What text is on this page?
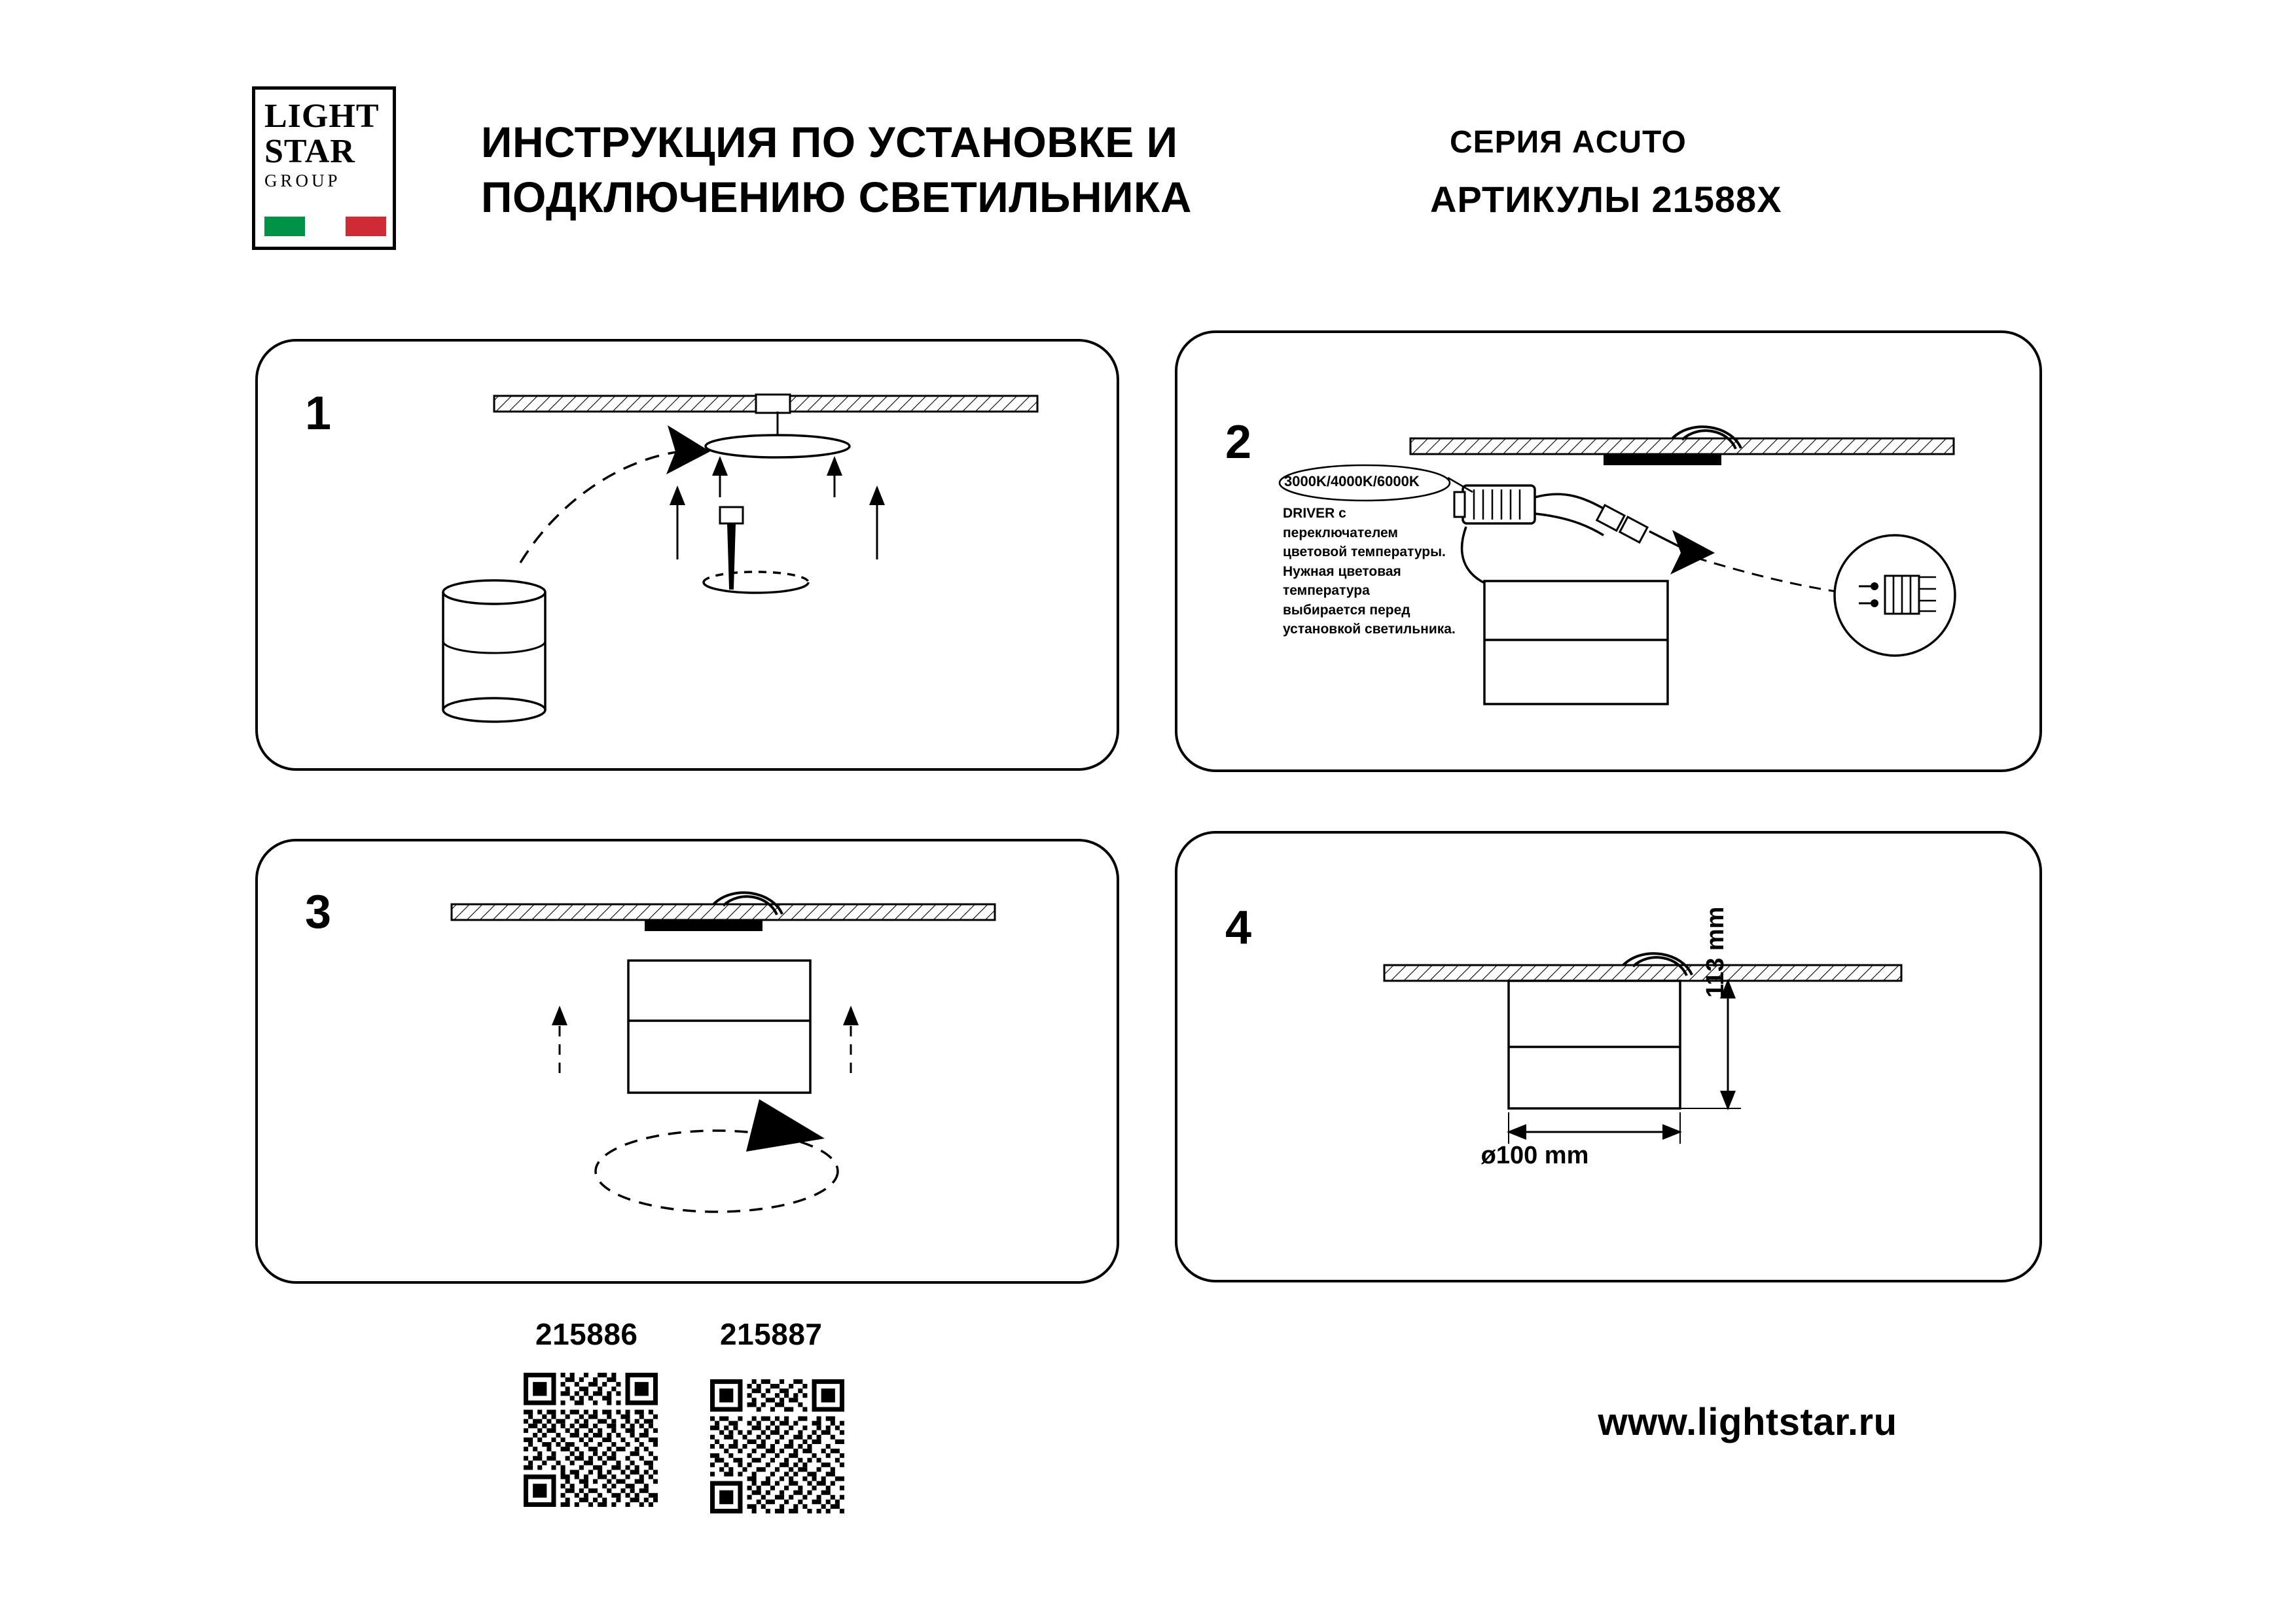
LIGHT
STAR
GROUP
ИНСТРУКЦИЯ ПО УСТАНОВКЕ И ПОДКЛЮЧЕНИЮ СВЕТИЛЬНИКА
СЕРИЯ ACUTO
АРТИКУЛЫ 21588X
1
2
3000K/4000K/6000K
DRIVER с переключателем цветовой температуры. Нужная цветовая температура выбирается перед установкой светильника.
3	4	113 mm
ø100 mm
215886	215887
www.lightstar.ru
